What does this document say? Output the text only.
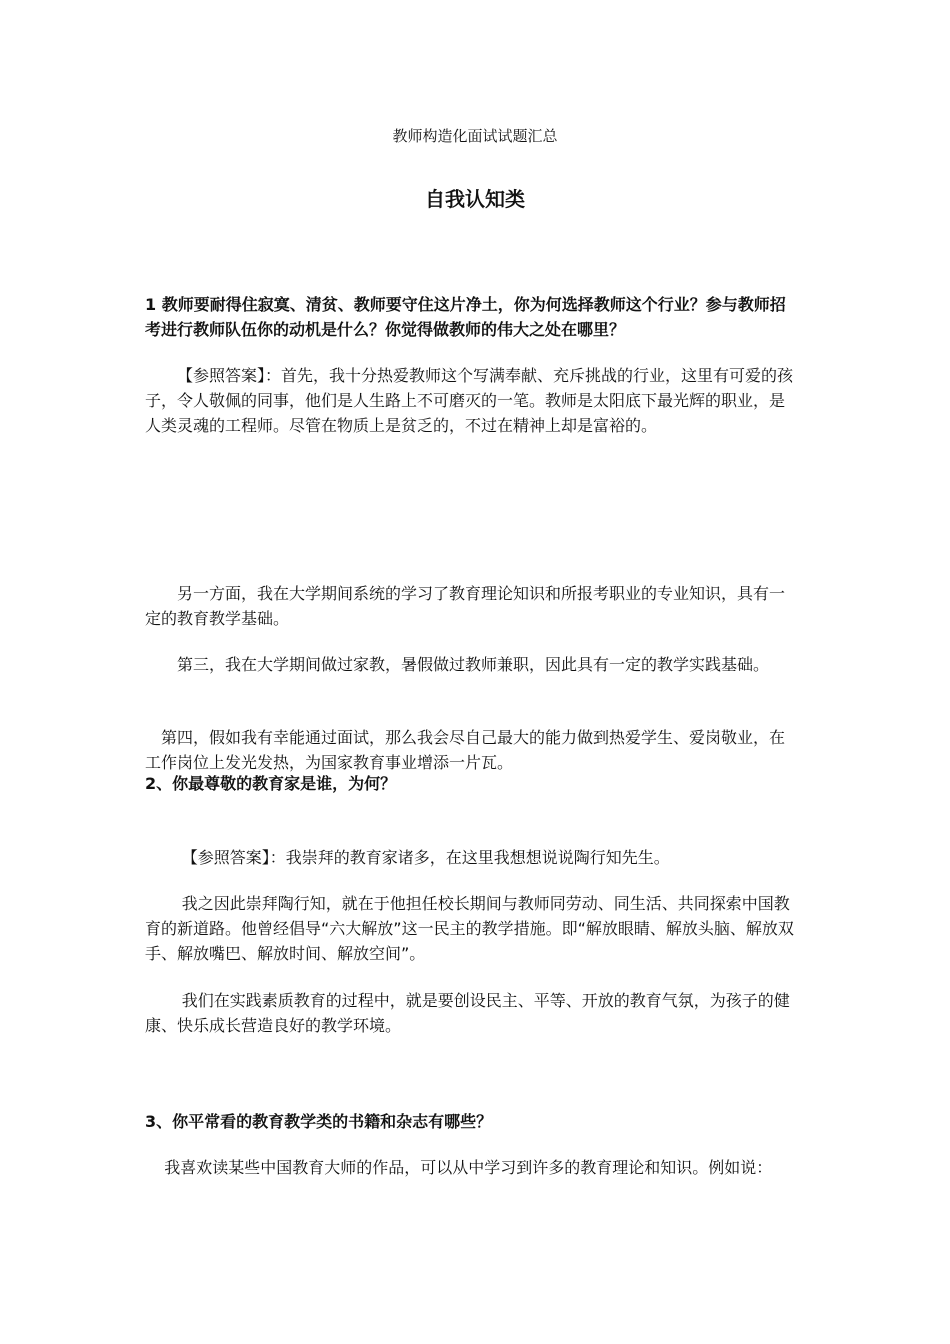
教师构造化面试试题汇总

自我认知类

1 教师要耐得住寂寞、清贫、教师要守住这片净土，你为何选择教师这个行业？参与教师招考进行教师队伍你的动机是什么？你觉得做教师的伟大之处在哪里？

【参照答案】：首先，我十分热爱教师这个写满奉献、充斥挑战的行业，这里有可爱的孩子，令人敬佩的同事，他们是人生路上不可磨灭的一笔。教师是太阳底下最光辉的职业，是人类灵魂的工程师。尽管在物质上是贫乏的，不过在精神上却是富裕的。

另一方面，我在大学期间系统的学习了教育理论知识和所报考职业的专业知识，具有一定的教育教学基础。

第三，我在大学期间做过家教，暑假做过教师兼职，因此具有一定的教学实践基础。

第四，假如我有幸能通过面试，那么我会尽自己最大的能力做到热爱学生、爱岗敬业，在工作岗位上发光发热，为国家教育事业增添一片瓦。

2、你最尊敬的教育家是谁，为何？

【参照答案】：我崇拜的教育家诸多，在这里我想想说说陶行知先生。

我之因此崇拜陶行知，就在于他担任校长期间与教师同劳动、同生活、共同探索中国教育的新道路。他曾经倡导“六大解放”这一民主的教学措施。即“解放眼睛、解放头脑、解放双手、解放嘴巴、解放时间、解放空间”。

我们在实践素质教育的过程中，就是要创设民主、平等、开放的教育气氛，为孩子的健康、快乐成长营造良好的教学环境。

3、你平常看的教育教学类的书籍和杂志有哪些？

我喜欢读某些中国教育大师的作品，可以从中学习到许多的教育理论和知识。例如说：
